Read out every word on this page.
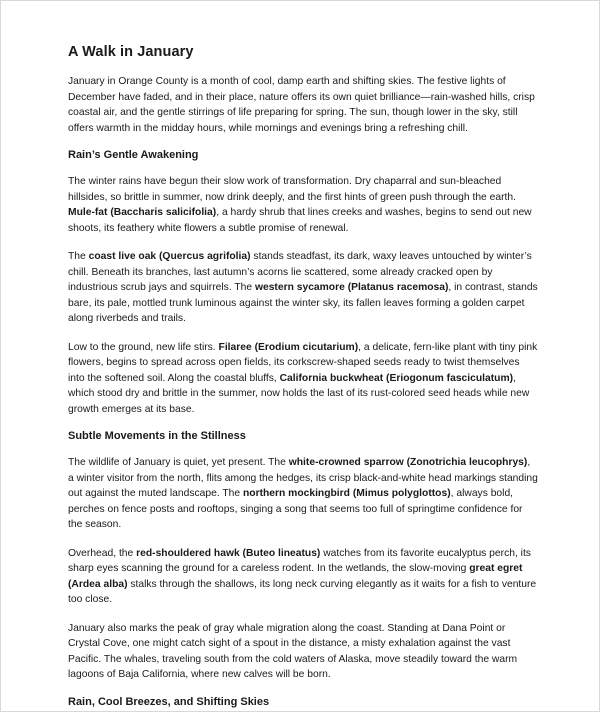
A Walk in January

January in Orange County is a month of cool, damp earth and shifting skies. The festive lights of December have faded, and in their place, nature offers its own quiet brilliance—rain-washed hills, crisp coastal air, and the gentle stirrings of life preparing for spring. The sun, though lower in the sky, still offers warmth in the midday hours, while mornings and evenings bring a refreshing chill.

Rain’s Gentle Awakening

The winter rains have begun their slow work of transformation. Dry chaparral and sun-bleached hillsides, so brittle in summer, now drink deeply, and the first hints of green push through the earth. Mule-fat (Baccharis salicifolia), a hardy shrub that lines creeks and washes, begins to send out new shoots, its feathery white flowers a subtle promise of renewal.

The coast live oak (Quercus agrifolia) stands steadfast, its dark, waxy leaves untouched by winter’s chill. Beneath its branches, last autumn’s acorns lie scattered, some already cracked open by industrious scrub jays and squirrels. The western sycamore (Platanus racemosa), in contrast, stands bare, its pale, mottled trunk luminous against the winter sky, its fallen leaves forming a golden carpet along riverbeds and trails.

Low to the ground, new life stirs. Filaree (Erodium cicutarium), a delicate, fern-like plant with tiny pink flowers, begins to spread across open fields, its corkscrew-shaped seeds ready to twist themselves into the softened soil. Along the coastal bluffs, California buckwheat (Eriogonum fasciculatum), which stood dry and brittle in the summer, now holds the last of its rust-colored seed heads while new growth emerges at its base.

Subtle Movements in the Stillness

The wildlife of January is quiet, yet present. The white-crowned sparrow (Zonotrichia leucophrys), a winter visitor from the north, flits among the hedges, its crisp black-and-white head markings standing out against the muted landscape. The northern mockingbird (Mimus polyglottos), always bold, perches on fence posts and rooftops, singing a song that seems too full of springtime confidence for the season.

Overhead, the red-shouldered hawk (Buteo lineatus) watches from its favorite eucalyptus perch, its sharp eyes scanning the ground for a careless rodent. In the wetlands, the slow-moving great egret (Ardea alba) stalks through the shallows, its long neck curving elegantly as it waits for a fish to venture too close.

January also marks the peak of gray whale migration along the coast. Standing at Dana Point or Crystal Cove, one might catch sight of a spout in the distance, a misty exhalation against the vast Pacific. The whales, traveling south from the cold waters of Alaska, move steadily toward the warm lagoons of Baja California, where new calves will be born.

Rain, Cool Breezes, and Shifting Skies
